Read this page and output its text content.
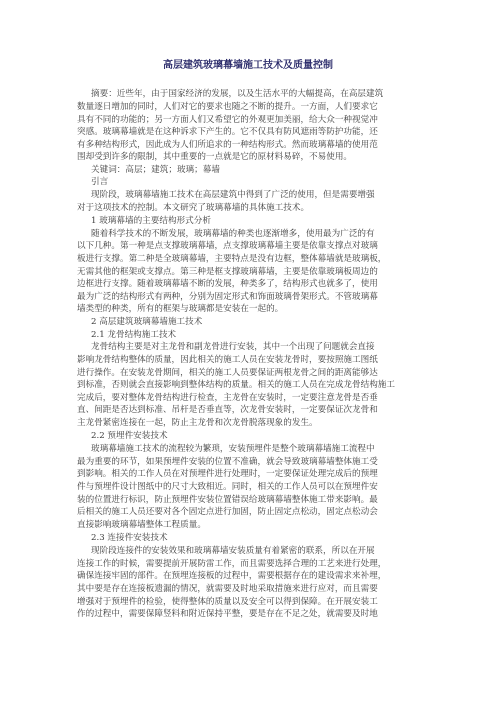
高层建筑玻璃幕墙施工技术及质量控制
摘要：近些年，由于国家经济的发展，以及生活水平的大幅提高，在高层建筑
数量逐日增加的同时，人们对它的要求也随之不断的提升。一方面，人们要求它
具有不同的功能的；另一方面人们又希望它的外观更加美丽，给大众一种视觉冲
突感。玻璃幕墙就是在这种诉求下产生的。它不仅具有防风遮雨等防护功能，还
有多种结构形式，因此成为人们所追求的一种结构形式。然而玻璃幕墙的使用范
围却受到许多的限制，其中重要的一点就是它的原材料易碎，不易使用。
关键词：高层；建筑；玻璃；幕墙
引言
现阶段，玻璃幕墙施工技术在高层建筑中得到了广泛的使用，但是需要增强
对于这项技术的控制。本文研究了玻璃幕墙的具体施工技术。
1 玻璃幕墙的主要结构形式分析
随着科学技术的不断发展，玻璃幕墙的种类也逐渐增多，使用最为广泛的有
以下几种。第一种是点支撑玻璃幕墙，点支撑玻璃幕墙主要是依靠支撑点对玻璃
板进行支撑。第二种是全玻璃幕墙，主要特点是没有边框，整体幕墙就是玻璃板，
无需其他的框架或支撑点。第三种是框支撑玻璃幕墙，主要是依靠玻璃板周边的
边框进行支撑。随着玻璃幕墙不断的发展，种类多了，结构形式也就多了，使用
最为广泛的结构形式有两种，分别为固定形式和饰面玻璃骨架形式。不管玻璃幕
墙类型的种类，所有的框架与玻璃都是安装在一起的。
2 高层建筑玻璃幕墙施工技术
2.1 龙骨结构施工技术
龙骨结构主要是对主龙骨和副龙骨进行安装，其中一个出现了问题就会直接
影响龙骨结构整体的质量，因此相关的施工人员在安装龙骨时，要按照施工图纸
进行操作。在安装龙骨期间，相关的施工人员要保证两根龙骨之间的距离能够达
到标准，否则就会直接影响到整体结构的质量。相关的施工人员在完成龙骨结构施工
完成后，要对整体龙骨结构进行检查，主龙骨在安装时，一定要注意龙骨是否垂
直、间距是否达到标准、吊杆是否垂直等，次龙骨安装时，一定要保证次龙骨和
主龙骨紧密连接在一起，防止主龙骨和次龙骨脱落现象的发生。
2.2 预埋件安装技术
玻璃幕墙施工技术的流程较为繁琐，安装预埋件是整个玻璃幕墙施工流程中
最为重要的环节，如果预埋件安装的位置不准确，就会导致玻璃幕墙整体施工受
到影响。相关的工作人员在对预埋件进行处理时，一定要保证处理完成后的预埋
件与预埋件设计图纸中的尺寸大致相近。同时，相关的工作人员可以在预埋件安
装的位置进行标识，防止预埋件安装位置错误给玻璃幕墙整体施工带来影响。最
后相关的施工人员还要对各个固定点进行加固，防止固定点松动，固定点松动会
直接影响玻璃幕墙整体工程质量。
2.3 连接件安装技术
现阶段连接件的安装效果和玻璃幕墙安装质量有着紧密的联系，所以在开展
连接工作的时候，需要提前开展防雷工作，而且需要选择合理的工艺来进行处理，
确保连接牢固的部件。在预埋连接板的过程中，需要根据存在的建设需求来补埋，
其中要是存在连接板遗漏的情况，就需要及时地采取措施来进行应对，而且需要
增强对于预埋件的检验，使得整体的质量以及安全可以得到保障。在开展安装工
作的过程中，需要保障竖料和附近保持平整，要是存在不足之处，就需要及时地
